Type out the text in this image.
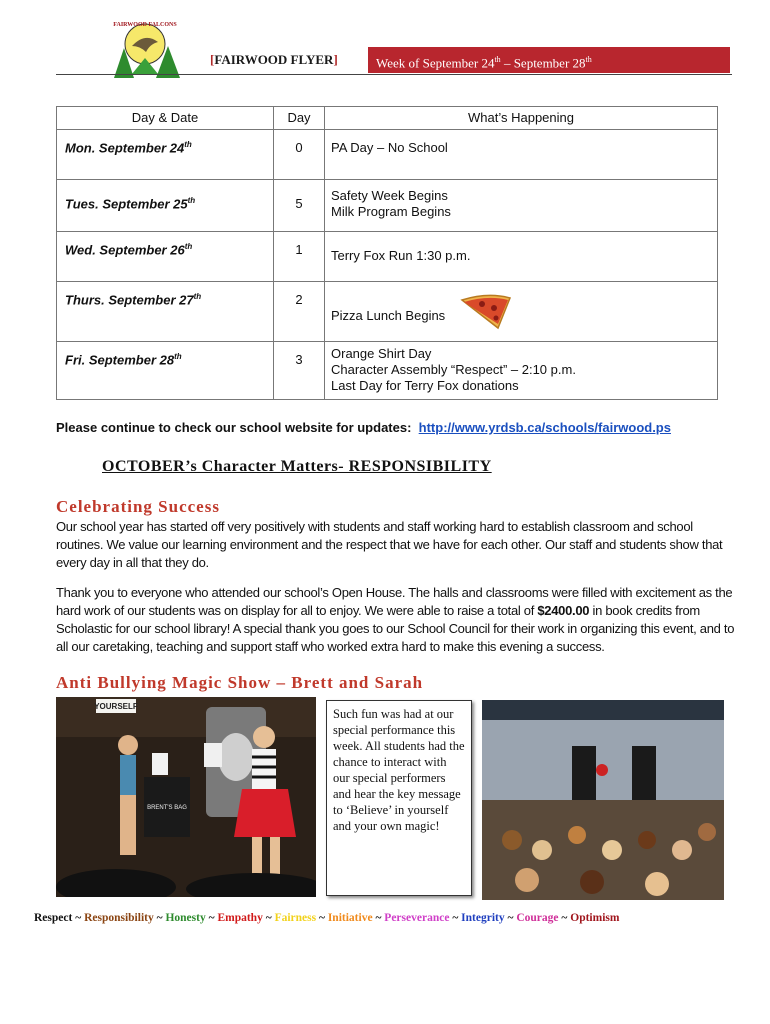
FAIRWOOD FALCONS
[FAIRWOOD FLYER]	Week of September 24th – September 28th
Day & Date	Day	What’s Happening
Mon. September 24th	0	PA Day – No School

Tues. September 25th	5	Safety Week Begins
Milk Program Begins

Wed. September 26th	1	Terry Fox Run 1:30 p.m.

Thurs. September 27th	2	Pizza Lunch Begins

Fri. September 28th	3	Orange Shirt Day
Character Assembly “Respect” – 2:10 p.m.
Last Day for Terry Fox donations
Please continue to check our school website for updates: http://www.yrdsb.ca/schools/fairwood.ps
OCTOBER’s Character Matters- RESPONSIBILITY
Celebrating Success
Our school year has started off very positively with students and staff working hard to establish classroom and school routines. We value our learning environment and the respect that we have for each other. Our staff and students show that every day in all that they do.
Thank you to everyone who attended our school’s Open House. The halls and classrooms were filled with excitement as the hard work of our students was on display for all to enjoy. We were able to raise a total of $2400.00 in book credits from Scholastic for our school library! A special thank you goes to our School Council for their work in organizing this event, and to all our caretaking, teaching and support staff who worked extra hard to make this evening a success.
Anti Bullying Magic Show – Brett and Sarah
YOURSELF
BRENT'S BAG
Such fun was had at our special performance this week. All students had the chance to interact with our special performers and hear the key message to ‘Believe’ in yourself and your own magic!
Respect ~ Responsibility ~ Honesty ~ Empathy ~ Fairness ~ Initiative ~ Perseverance ~ Integrity ~ Courage ~ Optimism
